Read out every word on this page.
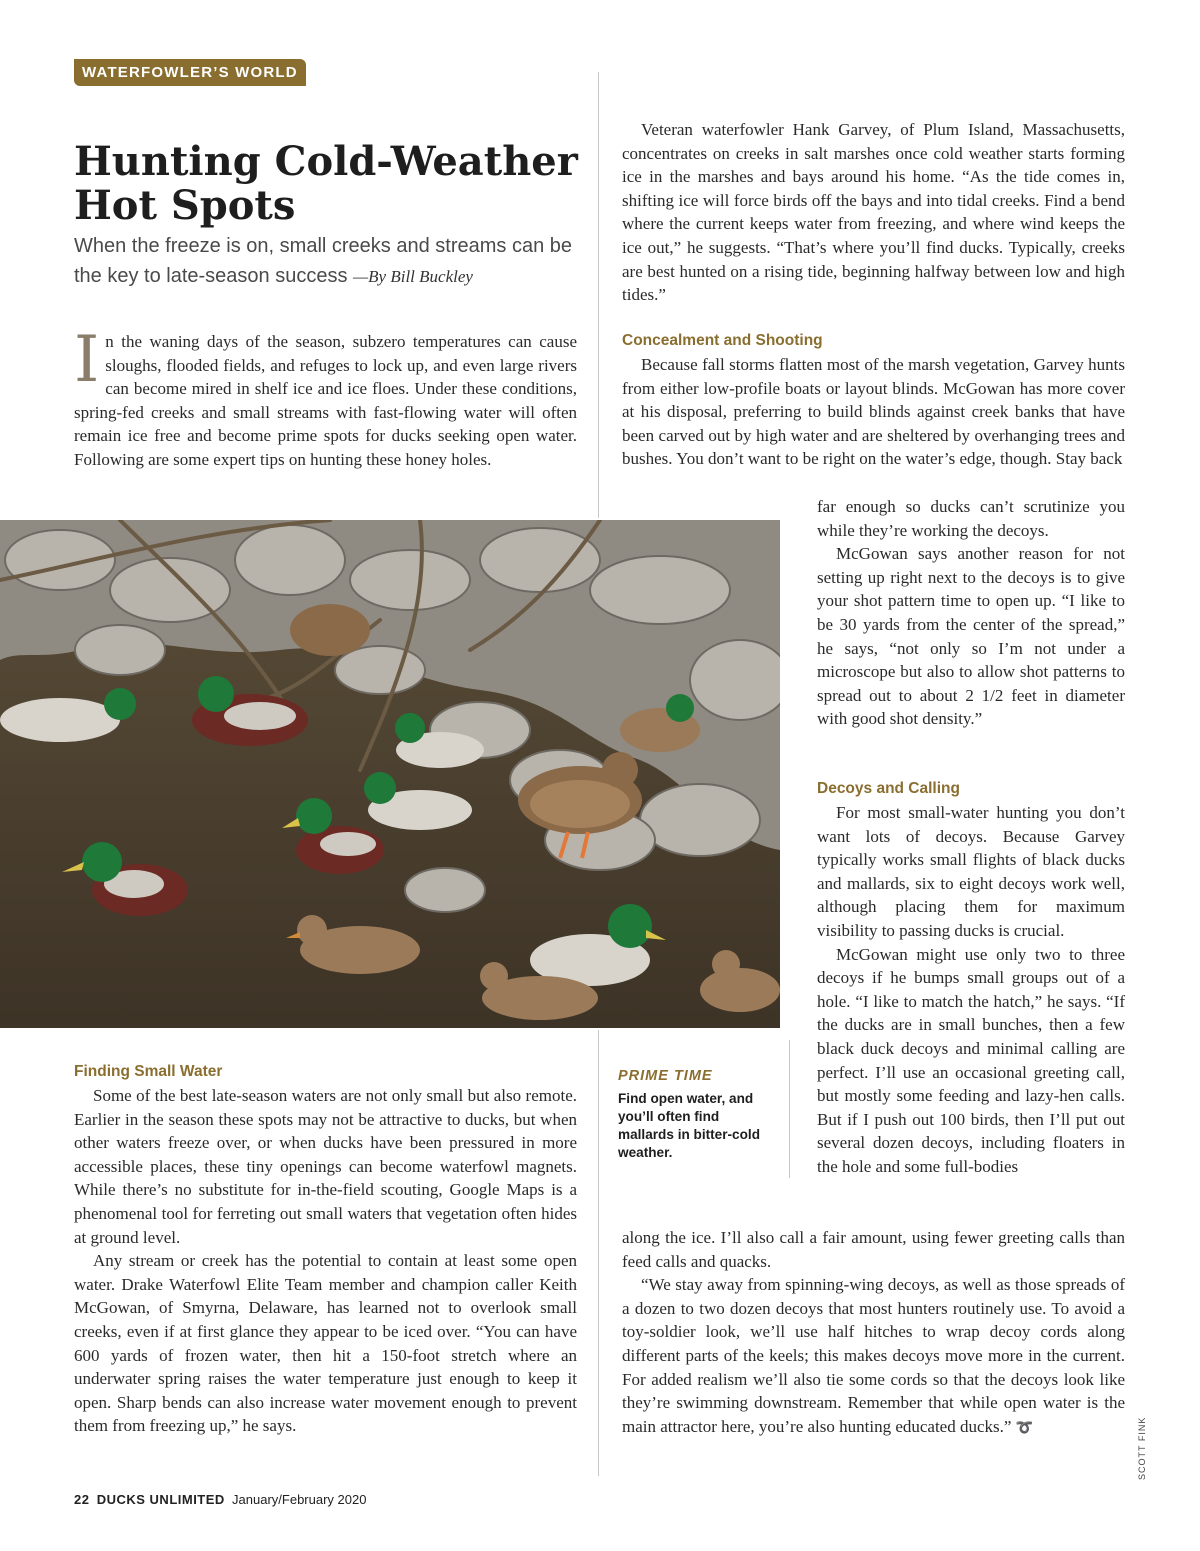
WATERFOWLER’S WORLD
Hunting Cold-Weather Hot Spots
When the freeze is on, small creeks and streams can be the key to late-season success —By Bill Buckley
In the waning days of the season, subzero temperatures can cause sloughs, flooded fields, and refuges to lock up, and even large rivers can become mired in shelf ice and ice floes. Under these conditions, spring-fed creeks and small streams with fast-flowing water will often remain ice free and become prime spots for ducks seeking open water. Following are some expert tips on hunting these honey holes.

Finding Small Water

Some of the best late-season waters are not only small but also remote. Earlier in the season these spots may not be attractive to ducks, but when other waters freeze over, or when ducks have been pressured in more accessible places, these tiny openings can become waterfowl magnets. While there’s no substitute for in-the-field scouting, Google Maps is a phenomenal tool for ferreting out small waters that vegetation often hides at ground level.

Any stream or creek has the potential to contain at least some open water. Drake Waterfowl Elite Team member and champion caller Keith McGowan, of Smyrna, Delaware, has learned not to overlook small creeks, even if at first glance they appear to be iced over. “You can have 600 yards of frozen water, then hit a 150-foot stretch where an underwater spring raises the water temperature just enough to keep it open. Sharp bends can also increase water movement enough to prevent them from freezing up,” he says.

Veteran waterfowler Hank Garvey, of Plum Island, Massachusetts, concentrates on creeks in salt marshes once cold weather starts forming ice in the marshes and bays around his home. “As the tide comes in, shifting ice will force birds off the bays and into tidal creeks. Find a bend where the current keeps water from freezing, and where wind keeps the ice out,” he suggests. “That’s where you’ll find ducks. Typically, creeks are best hunted on a rising tide, beginning halfway between low and high tides.”

Concealment and Shooting

Because fall storms flatten most of the marsh vegetation, Garvey hunts from either low-profile boats or layout blinds. McGowan has more cover at his disposal, preferring to build blinds against creek banks that have been carved out by high water and are sheltered by overhanging trees and bushes. You don’t want to be right on the water’s edge, though. Stay back

far enough so ducks can’t scrutinize you while they’re working the decoys.

McGowan says another reason for not setting up right next to the decoys is to give your shot pattern time to open up. “I like to be 30 yards from the center of the spread,” he says, “not only so I’m not under a microscope but also to allow shot patterns to spread out to about 2 1/2 feet in diameter with good shot density.”

Decoys and Calling

For most small-water hunting you don’t want lots of decoys. Because Garvey typically works small flights of black ducks and mallards, six to eight decoys work well, although placing them for maximum visibility to passing ducks is crucial.

McGowan might use only two to three decoys if he bumps small groups out of a hole. “I like to match the hatch,” he says. “If the ducks are in small bunches, then a few black duck decoys and minimal calling are perfect. I’ll use an occasional greeting call, but mostly some feeding and lazy-hen calls. But if I push out 100 birds, then I’ll put out several dozen decoys, including floaters in the hole and some full-bodies

along the ice. I’ll also call a fair amount, using fewer greeting calls than feed calls and quacks.

“We stay away from spinning-wing decoys, as well as those spreads of a dozen to two dozen decoys that most hunters routinely use. To avoid a toy-soldier look, we’ll use half hitches to wrap decoy cords along different parts of the keels; this makes decoys move more in the current. For added realism we’ll also tie some cords so that the decoys look like they’re swimming downstream. Remember that while open water is the main attractor here, you’re also hunting educated ducks.” ➰

PRIME TIME
Find open water, and you’ll often find mallards in bitter-cold weather.
SCOTT FINK
22 DUCKS UNLIMITED January/February 2020
